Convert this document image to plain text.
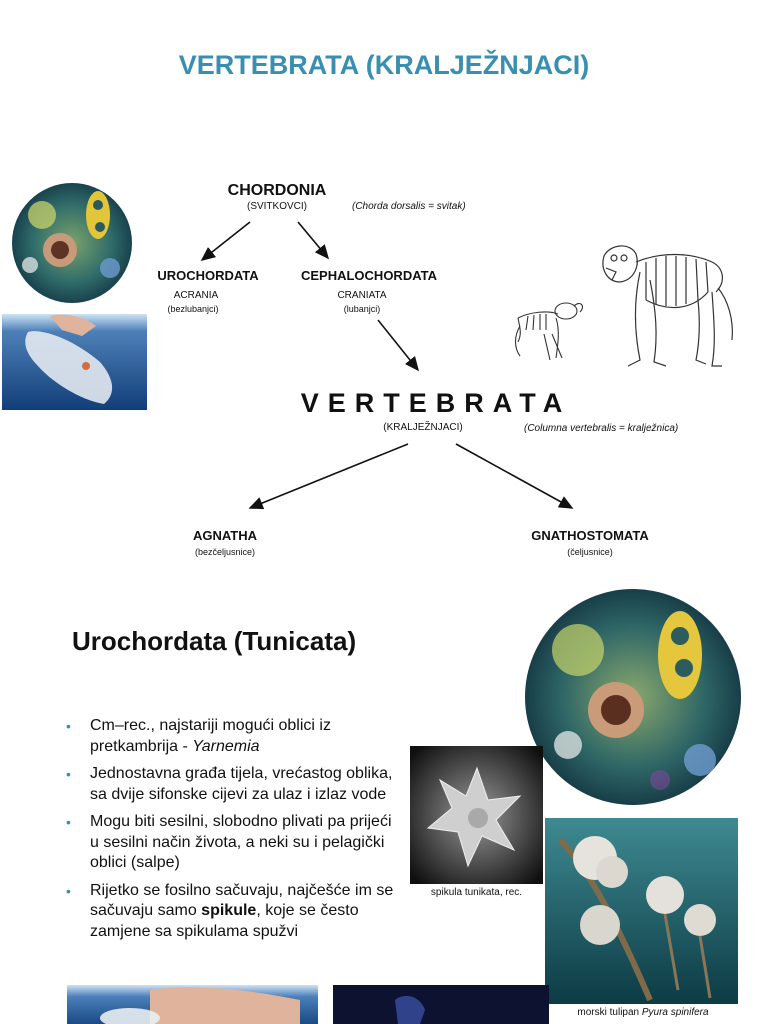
VERTEBRATA (KRALJEŽNJACI)
CHORDONIA
(SVITKOVCI)	(Chorda dorsalis = svitak)
UROCHORDATA
ACRANIA
(bezlubanjci)
CEPHALOCHORDATA
CRANIATA
(lubanjci)
VERTEBRATA
(KRALJEŽNJACI)	(Columna vertebralis = kralježnica)
AGNATHA
(bezčeljusnice)
GNATHOSTOMATA
(čeljusnice)
Urochordata (Tunicata)
• Cm–rec., najstariji mogući oblici iz pretkambrija - Yarnemia
• Jednostavna građa tijela, vrećastog oblika, sa dvije sifonske cijevi za ulaz i izlaz vode
• Mogu biti sesilni, slobodno plivati pa prijeći u sesilni način života, a neki su i pelagički oblici (salpe)
• Rijetko se fosilno sačuvaju, najčešće im se sačuvaju samo spikule, koje se često zamjene sa spikulama spužvi
spikula tunikata, rec.
morski tulipan Pyura spinifera
